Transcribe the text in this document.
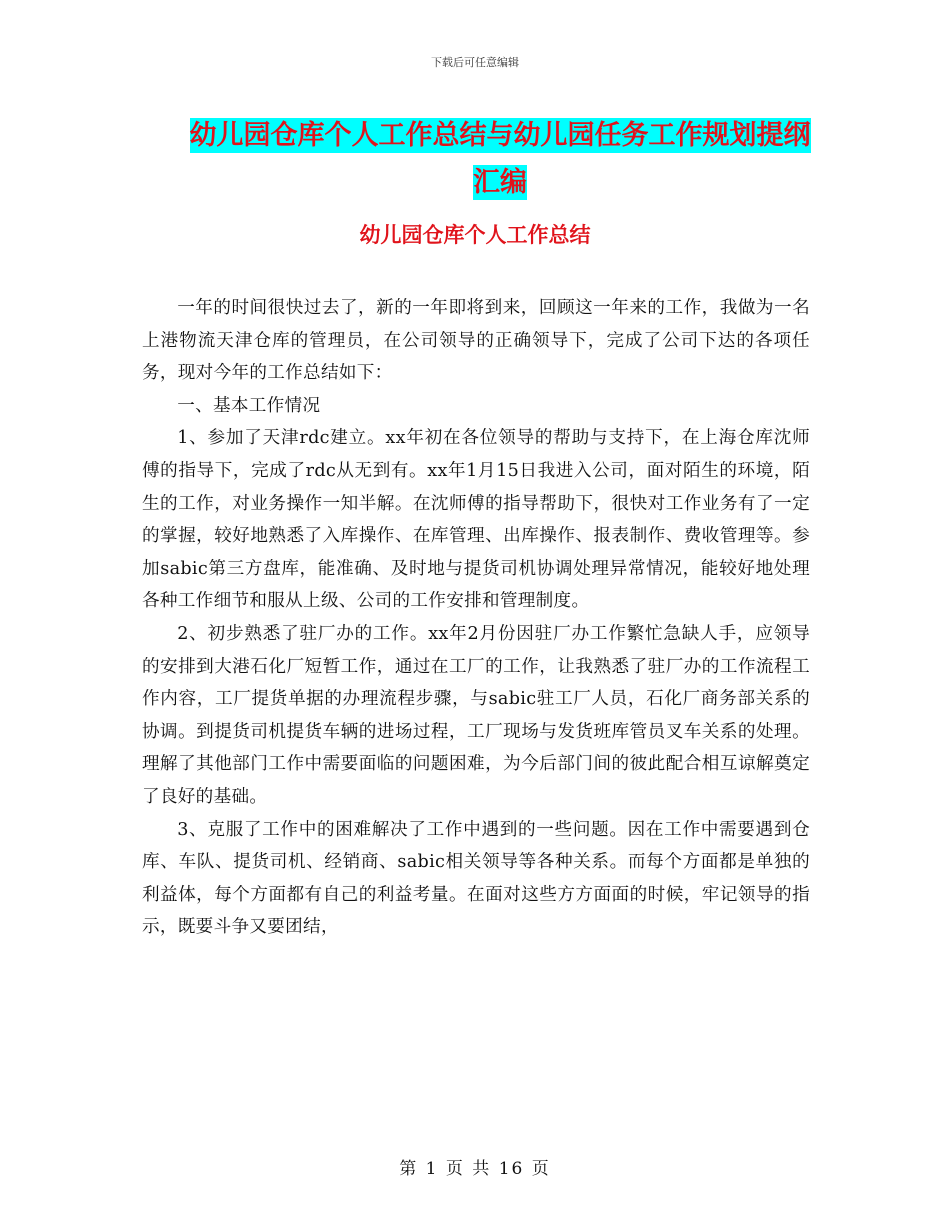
下载后可任意编辑
幼儿园仓库个人工作总结与幼儿园任务工作规划提纲
汇编
幼儿园仓库个人工作总结

一年的时间很快过去了，新的一年即将到来，回顾这一年来的工作，我做为一名上港物流天津仓库的管理员，在公司领导的正确领导下，完成了公司下达的各项任务，现对今年的工作总结如下：

一、基本工作情况

1、参加了天津rdc建立。xx年初在各位领导的帮助与支持下，在上海仓库沈师傅的指导下，完成了rdc从无到有。xx年1月15日我进入公司，面对陌生的环境，陌生的工作，对业务操作一知半解。在沈师傅的指导帮助下，很快对工作业务有了一定的掌握，较好地熟悉了入库操作、在库管理、出库操作、报表制作、费收管理等。参加sabic第三方盘库，能准确、及时地与提货司机协调处理异常情况，能较好地处理各种工作细节和服从上级、公司的工作安排和管理制度。

2、初步熟悉了驻厂办的工作。xx年2月份因驻厂办工作繁忙急缺人手，应领导的安排到大港石化厂短暂工作，通过在工厂的工作，让我熟悉了驻厂办的工作流程工作内容，工厂提货单据的办理流程步骤，与sabic驻工厂人员，石化厂商务部关系的协调。到提货司机提货车辆的进场过程，工厂现场与发货班库管员叉车关系的处理。理解了其他部门工作中需要面临的问题困难，为今后部门间的彼此配合相互谅解奠定了良好的基础。

3、克服了工作中的困难解决了工作中遇到的一些问题。因在工作中需要遇到仓库、车队、提货司机、经销商、sabic相关领导等各种关系。而每个方面都是单独的利益体，每个方面都有自己的利益考量。在面对这些方方面面的时候，牢记领导的指示，既要斗争又要团结，

第 1 页 共 16 页
